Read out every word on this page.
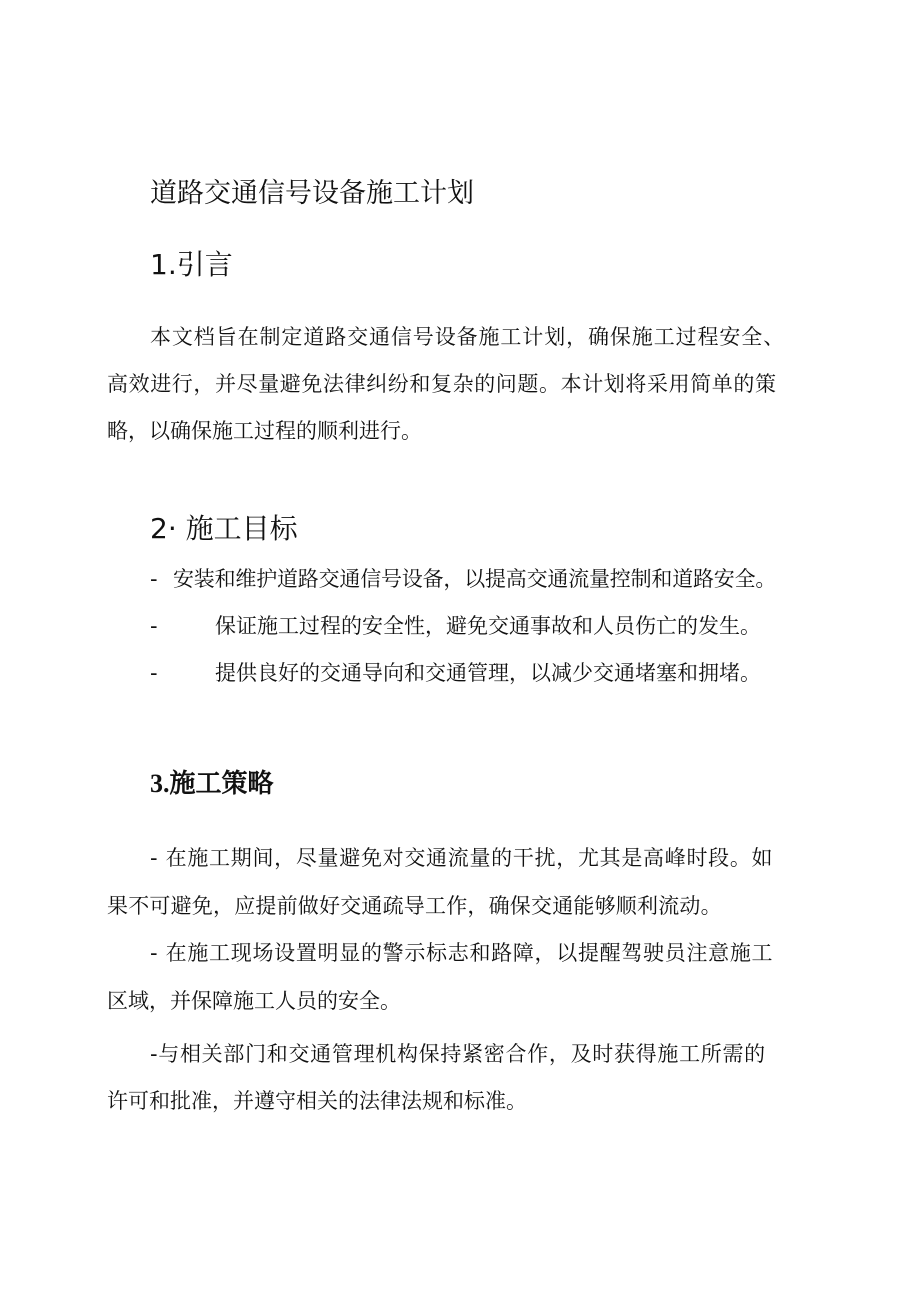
道路交通信号设备施工计划
1.引言
本文档旨在制定道路交通信号设备施工计划，确保施工过程安全、
高效进行，并尽量避免法律纠纷和复杂的问题。本计划将采用简单的策
略，以确保施工过程的顺利进行。
2· 施工目标
- 安装和维护道路交通信号设备，以提高交通流量控制和道路安全。
-	保证施工过程的安全性，避免交通事故和人员伤亡的发生。
-	提供良好的交通导向和交通管理，以减少交通堵塞和拥堵。
3.施工策略
- 在施工期间，尽量避免对交通流量的干扰，尤其是高峰时段。如
果不可避免，应提前做好交通疏导工作，确保交通能够顺利流动。
- 在施工现场设置明显的警示标志和路障，以提醒驾驶员注意施工
区域，并保障施工人员的安全。
-与相关部门和交通管理机构保持紧密合作，及时获得施工所需的
许可和批准，并遵守相关的法律法规和标准。
